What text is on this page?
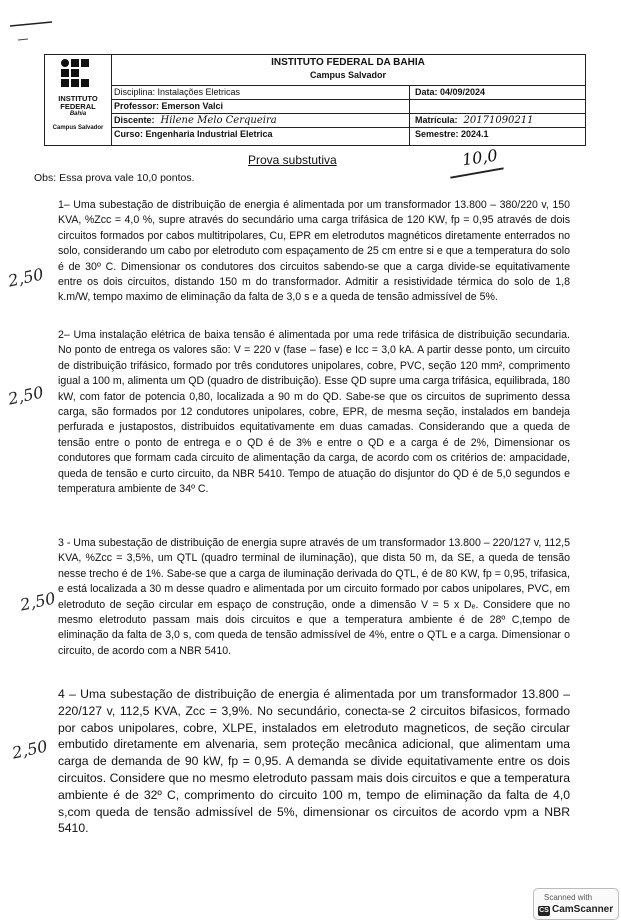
INSTITUTO FEDERAL
Bahia
Campus Salvador
INSTITUTO FEDERAL DA BAHIA
Campus Salvador
Disciplina: Instalações Eletricas	Data: 04/09/2024
Professor: Emerson Valci
Discente: Hilene Melo Cerqueira	Matrícula: 20171090211
Curso: Engenharia Industrial Eletrica	Semestre: 2024.1
Prova substutiva	10,0
Obs: Essa prova vale 10,0 pontos.
2,50
1– Uma subestação de distribuição de energia é alimentada por um transformador 13.800 – 380/220 v, 150 KVA, %Zcc = 4,0 %, supre através do secundário uma carga trifásica de 120 KW, fp = 0,95 através de dois circuitos formados por cabos multitripolares, Cu, EPR em eletrodutos magnéticos diretamente enterrados no solo, considerando um cabo por eletroduto com espaçamento de 25 cm entre si e que a temperatura do solo é de 30º C. Dimensionar os condutores dos circuitos sabendo-se que a carga divide-se equitativamente entre os dois circuitos, distando 150 m do transformador. Admitir a resistividade térmica do solo de 1,8 k.m/W, tempo maximo de eliminação da falta de 3,0 s e a queda de tensão admissível de 5%.
2,50
2– Uma instalação elétrica de baixa tensão é alimentada por uma rede trifásica de distribuição secundaria. No ponto de entrega os valores são: V = 220 v (fase – fase) e Icc = 3,0 kA. A partir desse ponto, um circuito de distribuição trifásico, formado por três condutores unipolares, cobre, PVC, seção 120 mm², comprimento igual a 100 m, alimenta um QD (quadro de distribuição). Esse QD supre uma carga trifásica, equilibrada, 180 kW, com fator de potencia 0,80, localizada a 90 m do QD. Sabe-se que os circuitos de suprimento dessa carga, são formados por 12 condutores unipolares, cobre, EPR, de mesma seção, instalados em bandeja perfurada e justapostos, distribuidos equitativamente em duas camadas. Considerando que a queda de tensão entre o ponto de entrega e o QD é de 3% e entre o QD e a carga é de 2%, Dimensionar os condutores que formam cada circuito de alimentação da carga, de acordo com os critérios de: ampacidade, queda de tensão e curto circuito, da NBR 5410. Tempo de atuação do disjuntor do QD é de 5,0 segundos e temperatura ambiente de 34º C.
2,50
3 - Uma subestação de distribuição de energia supre através de um transformador 13.800 – 220/127 v, 112,5 KVA, %Zcc = 3,5%, um QTL (quadro terminal de iluminação), que dista 50 m, da SE, a queda de tensão nesse trecho é de 1%. Sabe-se que a carga de iluminação derivada do QTL, é de 80 KW, fp = 0,95, trifasica, e está localizada a 30 m desse quadro e alimentada por um circuito formado por cabos unipolares, PVC, em eletroduto de seção circular em espaço de construção, onde a dimensão V = 5 x Dₑ. Considere que no mesmo eletroduto passam mais dois circuitos e que a temperatura ambiente é de 28º C,tempo de eliminação da falta de 3,0 s, com queda de tensão admissível de 4%, entre o QTL e a carga. Dimensionar o circuito, de acordo com a NBR 5410.
2,50
4 – Uma subestação de distribuição de energia é alimentada por um transformador 13.800 – 220/127 v, 112,5 KVA, Zcc = 3,9%. No secundário, conecta-se 2 circuitos bifasicos, formado por cabos unipolares, cobre, XLPE, instalados em eletroduto magneticos, de seção circular embutido diretamente em alvenaria, sem proteção mecânica adicional, que alimentam uma carga de demanda de 90 kW, fp = 0,95. A demanda se divide equitativamente entre os dois circuitos. Considere que no mesmo eletroduto passam mais dois circuitos e que a temperatura ambiente é de 32º C, comprimento do circuito 100 m, tempo de eliminação da falta de 4,0 s,com queda de tensão admissível de 5%, dimensionar os circuitos de acordo vpm a NBR 5410.
Scanned with
CS CamScanner
